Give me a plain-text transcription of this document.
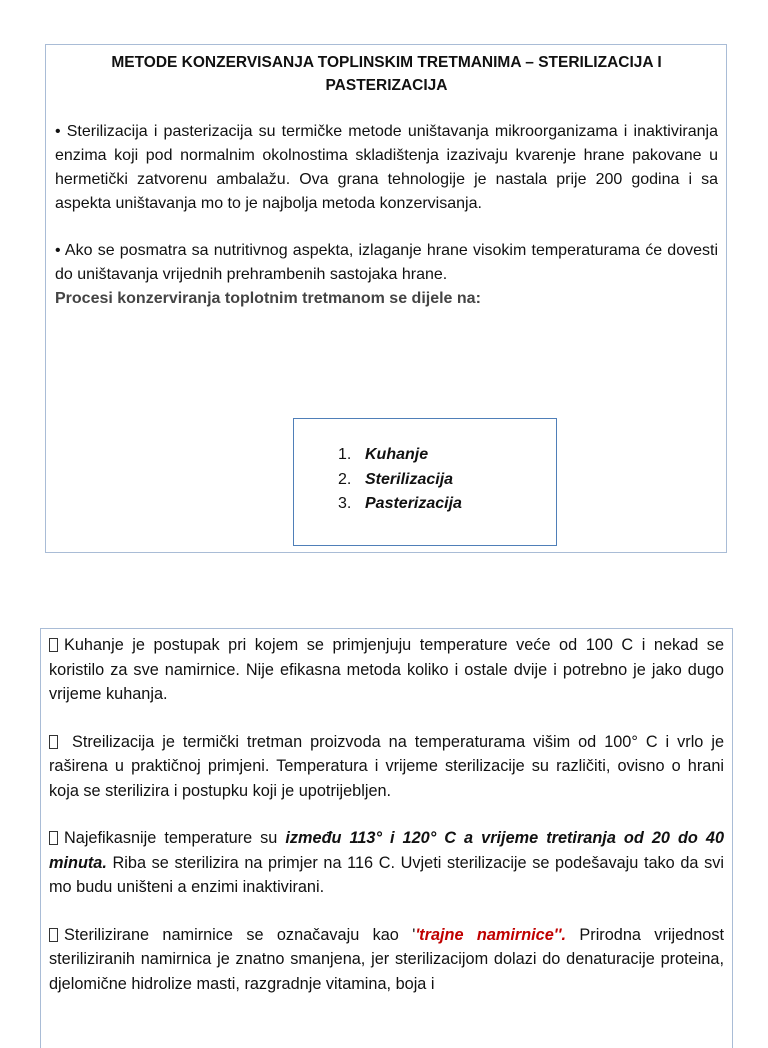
METODE KONZERVISANJA TOPLINSKIM TRETMANIMA – STERILIZACIJA I PASTERIZACIJA

• Sterilizacija i pasterizacija su termičke metode uništavanja mikroorganizama i inaktiviranja enzima koji pod normalnim okolnostima skladištenja izazivaju kvarenje hrane pakovane u hermetički zatvorenu ambalažu. Ova grana tehnologije je nastala prije 200 godina i sa aspekta uništavanja mo to je najbolja metoda konzervisanja.

• Ako se posmatra sa nutritivnog aspekta, izlaganje hrane visokim temperaturama će dovesti do uništavanja vrijednih prehrambenih sastojaka hrane.

Procesi konzerviranja toplotnim tretmanom se dijele na:

1. Kuhanje
2. Sterilizacija
3. Pasterizacija

Kuhanje je postupak pri kojem se primjenjuju temperature veće od 100 C i nekad se koristilo za sve namirnice. Nije efikasna metoda koliko i ostale dvije i potrebno je jako dugo vrijeme kuhanja.

Streilizacija je termički tretman proizvoda na temperaturama višim od 100° C i vrlo je raširena u praktičnoj primjeni. Temperatura i vrijeme sterilizacije su različiti, ovisno o hrani koja se sterilizira i postupku koji je upotrijebljen.

Najefikasnije temperature su između 113° i 120° C a vrijeme tretiranja od 20 do 40 minuta. Riba se sterilizira na primjer na 116 C. Uvjeti sterilizacije se podešavaju tako da svi mo budu uništeni a enzimi inaktivirani.

Sterilizirane namirnice se označavaju kao ''trajne namirnice''. Prirodna vrijednost steriliziranih namirnica je znatno smanjena, jer sterilizacijom dolazi do denaturacije proteina, djelomične hidrolize masti, razgradnje vitamina, boja i
